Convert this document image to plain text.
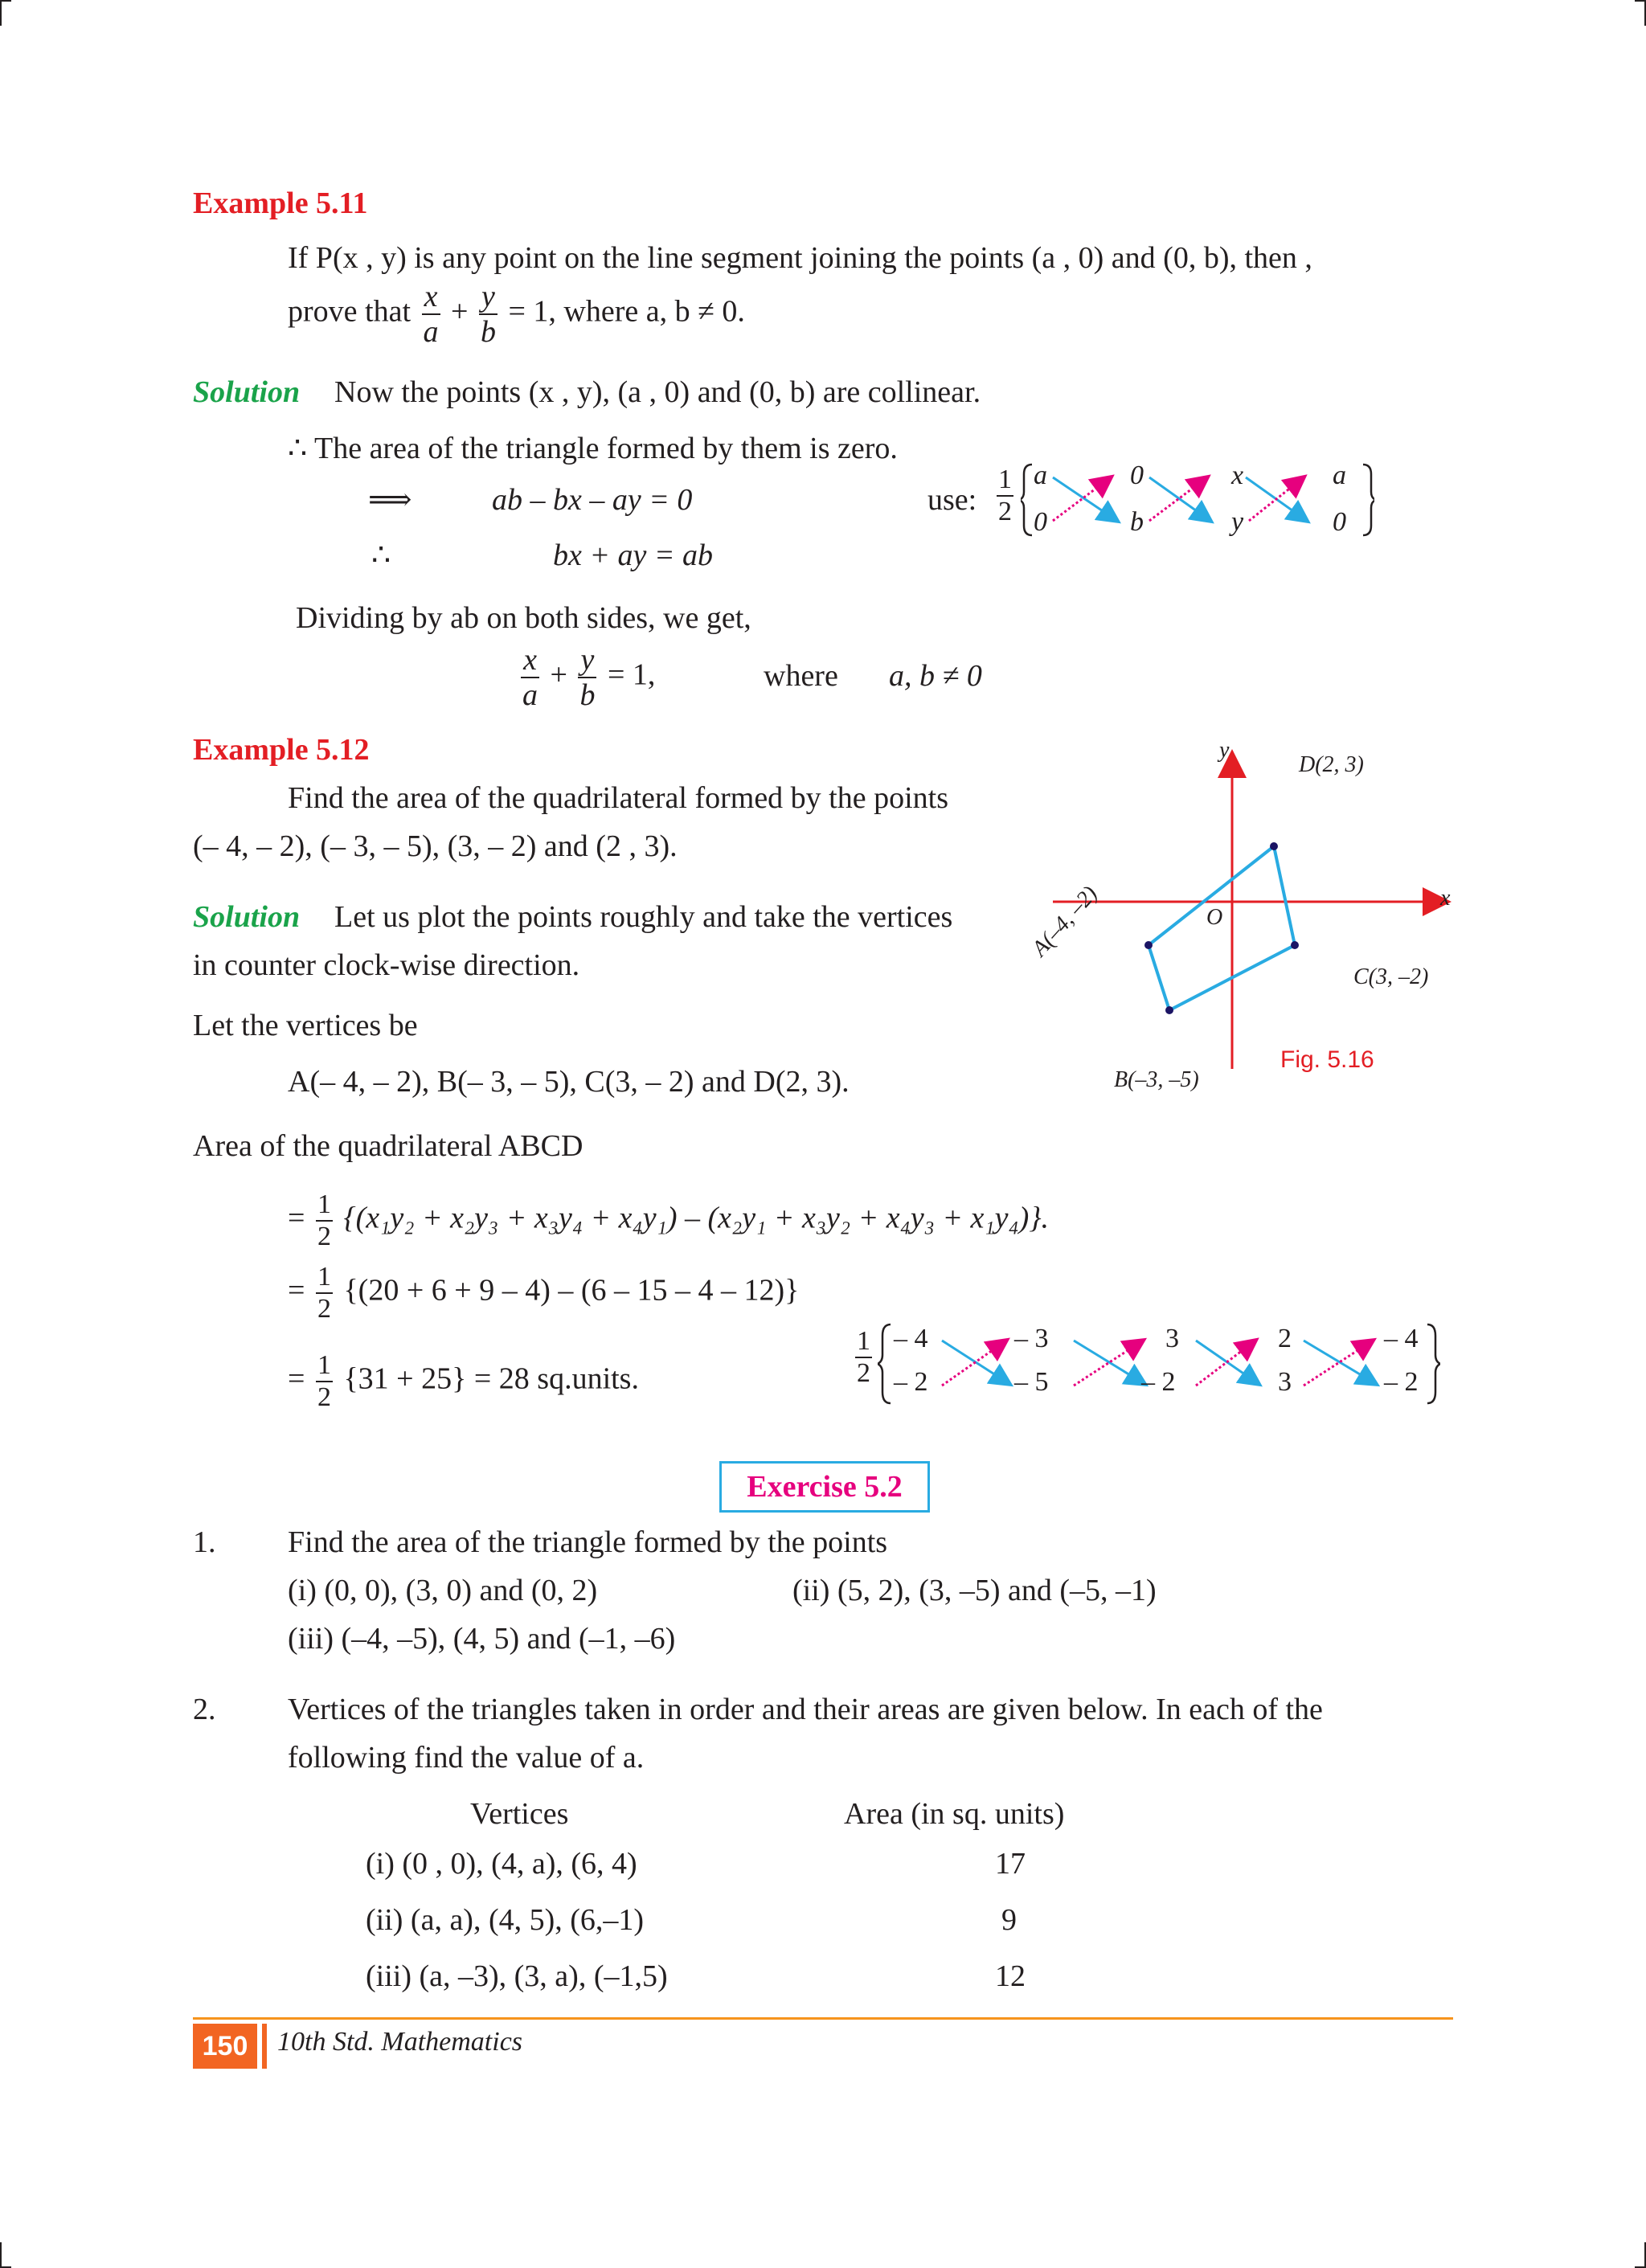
Example 5.11
If P(x , y) is any point on the line segment joining the points (a , 0) and (0, b), then ,
prove that $\frac{x}{a} + \frac{y}{b} = 1$, where a, b ≠ 0.
Solution Now the points (x , y), (a , 0) and (0, b) are collinear.
∴ The area of the triangle formed by them is zero.
⟹	ab – bx – ay = 0
∴	bx + ay = ab
use: $\frac{1}{2}$ a	0	x	a
0	b	y	0
Dividing by ab on both sides, we get,
$\frac{x}{a} + \frac{y}{b} = 1$,	where a, b ≠ 0
Example 5.12
Find the area of the quadrilateral formed by the points
(– 4, – 2), (– 3, – 5), (3, – 2) and (2 , 3).
Solution Let us plot the points roughly and take the vertices
in counter clock-wise direction.
Let the vertices be
A(– 4, – 2), B(– 3, – 5), C(3, – 2) and D(2, 3).
Area of the quadrilateral ABCD
= $\frac{1}{2} \{(x_1y_2 + x_2y_3 + x_3y_4 + x_4y_1) - (x_2y_1 + x_3y_2 + x_4y_3 + x_1y_4)\}$.
= $\frac{1}{2} \{(20 + 6 + 9 - 4) - (6 - 15 - 4 - 12)\}$
= $\frac{1}{2} \{31 + 25\} = 28$ sq.units.	$\frac{1}{2} - 4$	– 3	3	2	– 4
– 2	– 5	– 2	3	– 2
x
y
O
D(2, 3)
C(3, –2)
B(–3, –5)
A(–4, –2)
Fig. 5.16
Exercise 5.2
1. Find the area of the triangle formed by the points
(i) (0, 0), (3, 0) and (0, 2)	(ii) (5, 2), (3, –5) and (–5, –1)
(iii) (–4, –5), (4, 5) and (–1, –6)
2. Vertices of the triangles taken in order and their areas are given below. In each of the
following find the value of a.
Vertices	Area (in sq. units)
(i) (0 , 0), (4, a), (6, 4)	17
(ii) (a, a), (4, 5), (6,–1)	9
(iii) (a, –3), (3, a), (–1,5)	12
150	10th Std. Mathematics
